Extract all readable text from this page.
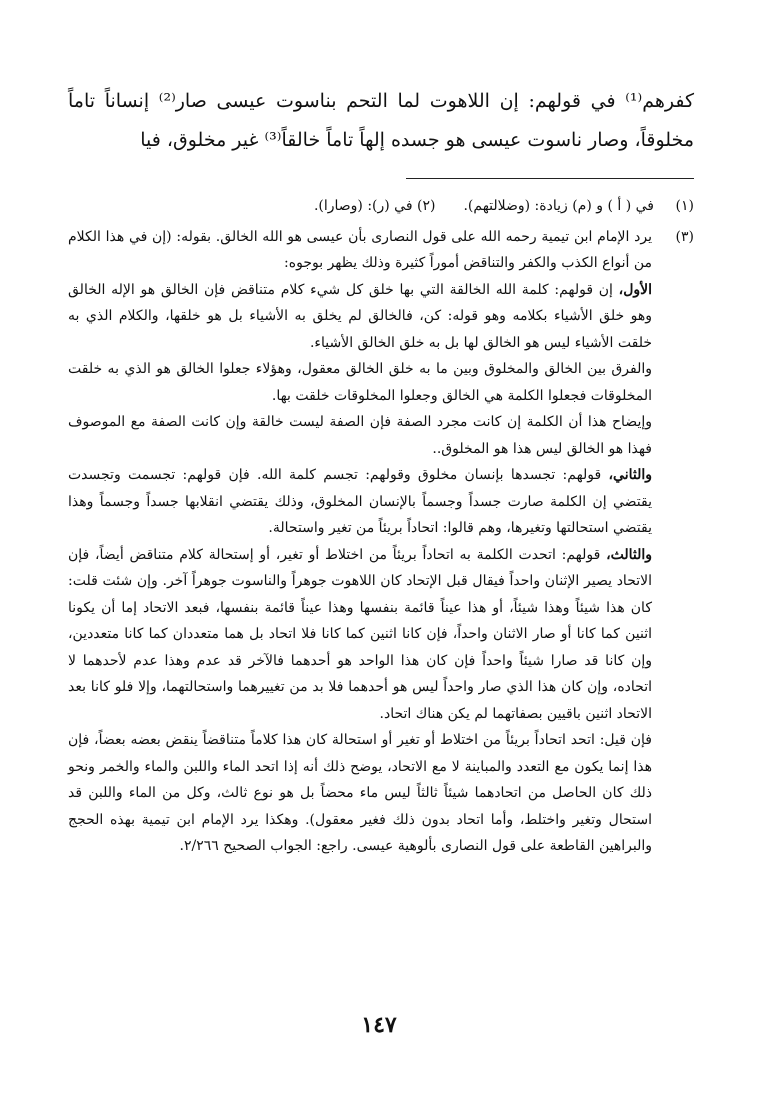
كفرهم⁽¹⁾ في قولهم: إن اللاهوت لما التحم بناسوت عيسى صار⁽²⁾ إنساناً تاماً مخلوقاً، وصار ناسوت عيسى هو جسده إلهاً تاماً خالقاً⁽³⁾ غير مخلوق، فيا

(١)في ( أ ) و (م) زيادة: (وضلالتهم).(٢) في (ر): (وصارا).

(٣)

يرد الإمام ابن تيمية رحمه الله على قول النصارى بأن عيسى هو الله الخالق. بقوله: (إن في هذا الكلام من أنواع الكذب والكفر والتناقض أموراً كثيرة وذلك يظهر بوجوه:

الأول، إن قولهم: كلمة الله الخالقة التي بها خلق كل شيء كلام متناقض فإن الخالق هو الإله الخالق وهو خلق الأشياء بكلامه وهو قوله: كن، فالخالق لم يخلق به الأشياء بل هو خلقها، والكلام الذي به خلقت الأشياء ليس هو الخالق لها بل به خلق الخالق الأشياء.

والفرق بين الخالق والمخلوق وبين ما به خلق الخالق معقول، وهؤلاء جعلوا الخالق هو الذي به خلقت المخلوقات فجعلوا الكلمة هي الخالق وجعلوا المخلوقات خلقت بها.

وإيضاح هذا أن الكلمة إن كانت مجرد الصفة فإن الصفة ليست خالقة وإن كانت الصفة مع الموصوف فهذا هو الخالق ليس هذا هو المخلوق..

والثاني، قولهم: تجسدها بإنسان مخلوق وقولهم: تجسم كلمة الله. فإن قولهم: تجسمت وتجسدت يقتضي إن الكلمة صارت جسداً وجسماً بالإنسان المخلوق، وذلك يقتضي انقلابها جسداً وجسماً وهذا يقتضي استحالتها وتغيرها، وهم قالوا: اتحاداً بريئاً من تغير واستحالة.

والثالث، قولهم: اتحدت الكلمة به اتحاداً بريئاً من اختلاط أو تغير، أو إستحالة كلام متناقض أيضاً، فإن الاتحاد يصير الإثنان واحداً فيقال قبل الإتحاد كان اللاهوت جوهراً والناسوت جوهراً آخر. وإن شئت قلت: كان هذا شيئاً وهذا شيئاً، أو هذا عيناً قائمة بنفسها وهذا عيناً قائمة بنفسها، فبعد الاتحاد إما أن يكونا اثنين كما كانا أو صار الاثنان واحداً، فإن كانا اثنين كما كانا فلا اتحاد بل هما متعددان كما كانا متعددين، وإن كانا قد صارا شيئاً واحداً فإن كان هذا الواحد هو أحدهما فالآخر قد عدم وهذا عدم لأحدهما لا اتحاده، وإن كان هذا الذي صار واحداً ليس هو أحدهما فلا بد من تغييرهما واستحالتهما، وإلا فلو كانا بعد الاتحاد اثنين باقيين بصفاتهما لم يكن هناك اتحاد.

فإن قيل: اتحد اتحاداً بريئاً من اختلاط أو تغير أو استحالة كان هذا كلاماً متناقضاً ينقض بعضه بعضاً، فإن هذا إنما يكون مع التعدد والمباينة لا مع الاتحاد، يوضح ذلك أنه إذا اتحد الماء واللبن والماء والخمر ونحو ذلك كان الحاصل من اتحادهما شيئاً ثالثاً ليس ماء محضاً بل هو نوع ثالث، وكل من الماء واللبن قد استحال وتغير واختلط، وأما اتحاد بدون ذلك فغير معقول). وهكذا يرد الإمام ابن تيمية بهذه الحجج والبراهين القاطعة على قول النصارى بألوهية عيسى. راجع: الجواب الصحيح ٢/٢٦٦.

١٤٧
